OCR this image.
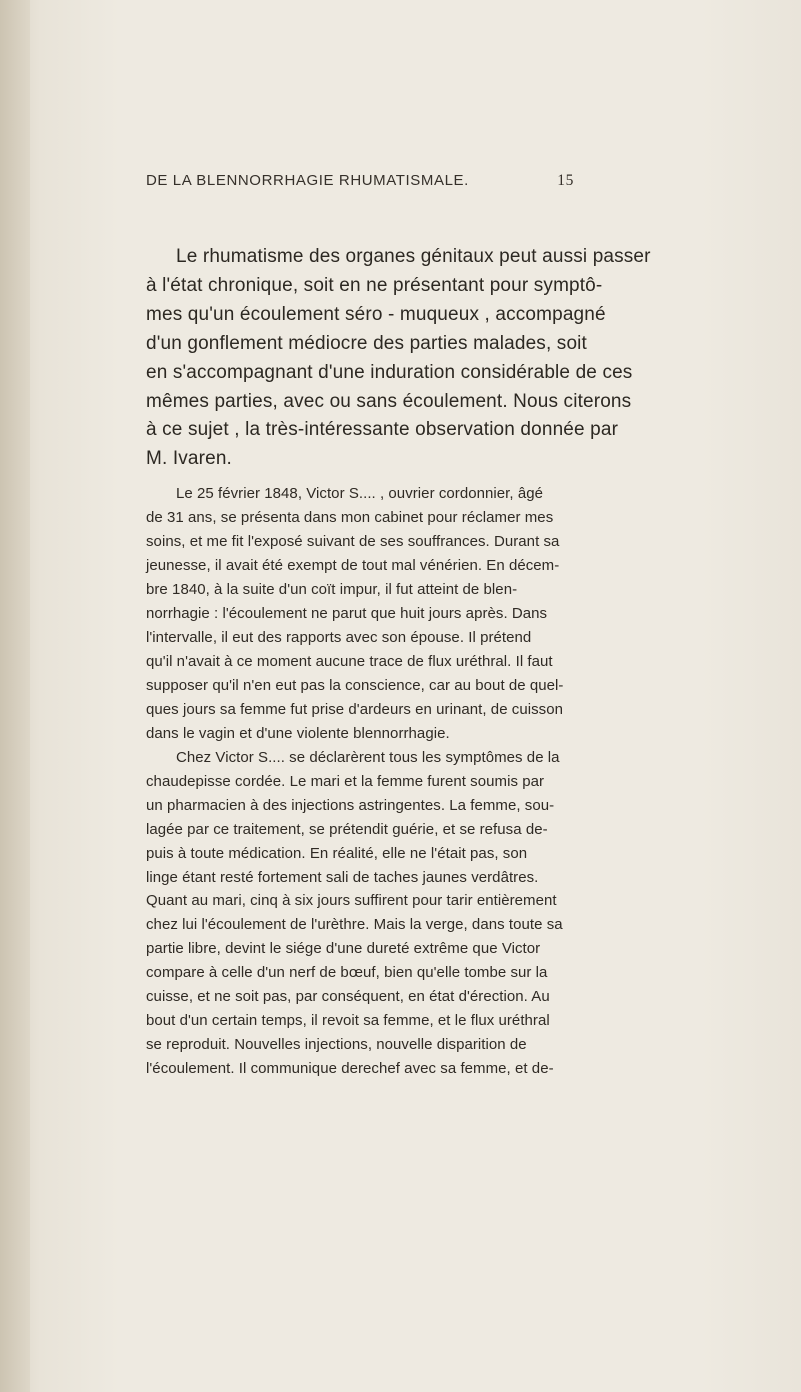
DE LA BLENNORRHAGIE RHUMATISMALE.	15
Le rhumatisme des organes génitaux peut aussi passer
à l'état chronique, soit en ne présentant pour symptô-
mes qu'un écoulement séro - muqueux , accompagné
d'un gonflement médiocre des parties malades, soit
en s'accompagnant d'une induration considérable de ces
mêmes parties, avec ou sans écoulement. Nous citerons
à ce sujet , la très-intéressante observation donnée par
M. Ivaren.
Le 25 février 1848, Victor S.... , ouvrier cordonnier, âgé
de 31 ans, se présenta dans mon cabinet pour réclamer mes
soins, et me fit l'exposé suivant de ses souffrances. Durant sa
jeunesse, il avait été exempt de tout mal vénérien. En décem-
bre 1840, à la suite d'un coït impur, il fut atteint de blen-
norrhagie : l'écoulement ne parut que huit jours après. Dans
l'intervalle, il eut des rapports avec son épouse. Il prétend
qu'il n'avait à ce moment aucune trace de flux uréthral. Il faut
supposer qu'il n'en eut pas la conscience, car au bout de quel-
ques jours sa femme fut prise d'ardeurs en urinant, de cuisson
dans le vagin et d'une violente blennorrhagie.
Chez Victor S.... se déclarèrent tous les symptômes de la
chaudepisse cordée. Le mari et la femme furent soumis par
un pharmacien à des injections astringentes. La femme, sou-
lagée par ce traitement, se prétendit guérie, et se refusa de-
puis à toute médication. En réalité, elle ne l'était pas, son
linge étant resté fortement sali de taches jaunes verdâtres.
Quant au mari, cinq à six jours suffirent pour tarir entièrement
chez lui l'écoulement de l'urèthre. Mais la verge, dans toute sa
partie libre, devint le siége d'une dureté extrême que Victor
compare à celle d'un nerf de bœuf, bien qu'elle tombe sur la
cuisse, et ne soit pas, par conséquent, en état d'érection. Au
bout d'un certain temps, il revoit sa femme, et le flux uréthral
se reproduit. Nouvelles injections, nouvelle disparition de
l'écoulement. Il communique derechef avec sa femme, et de-
